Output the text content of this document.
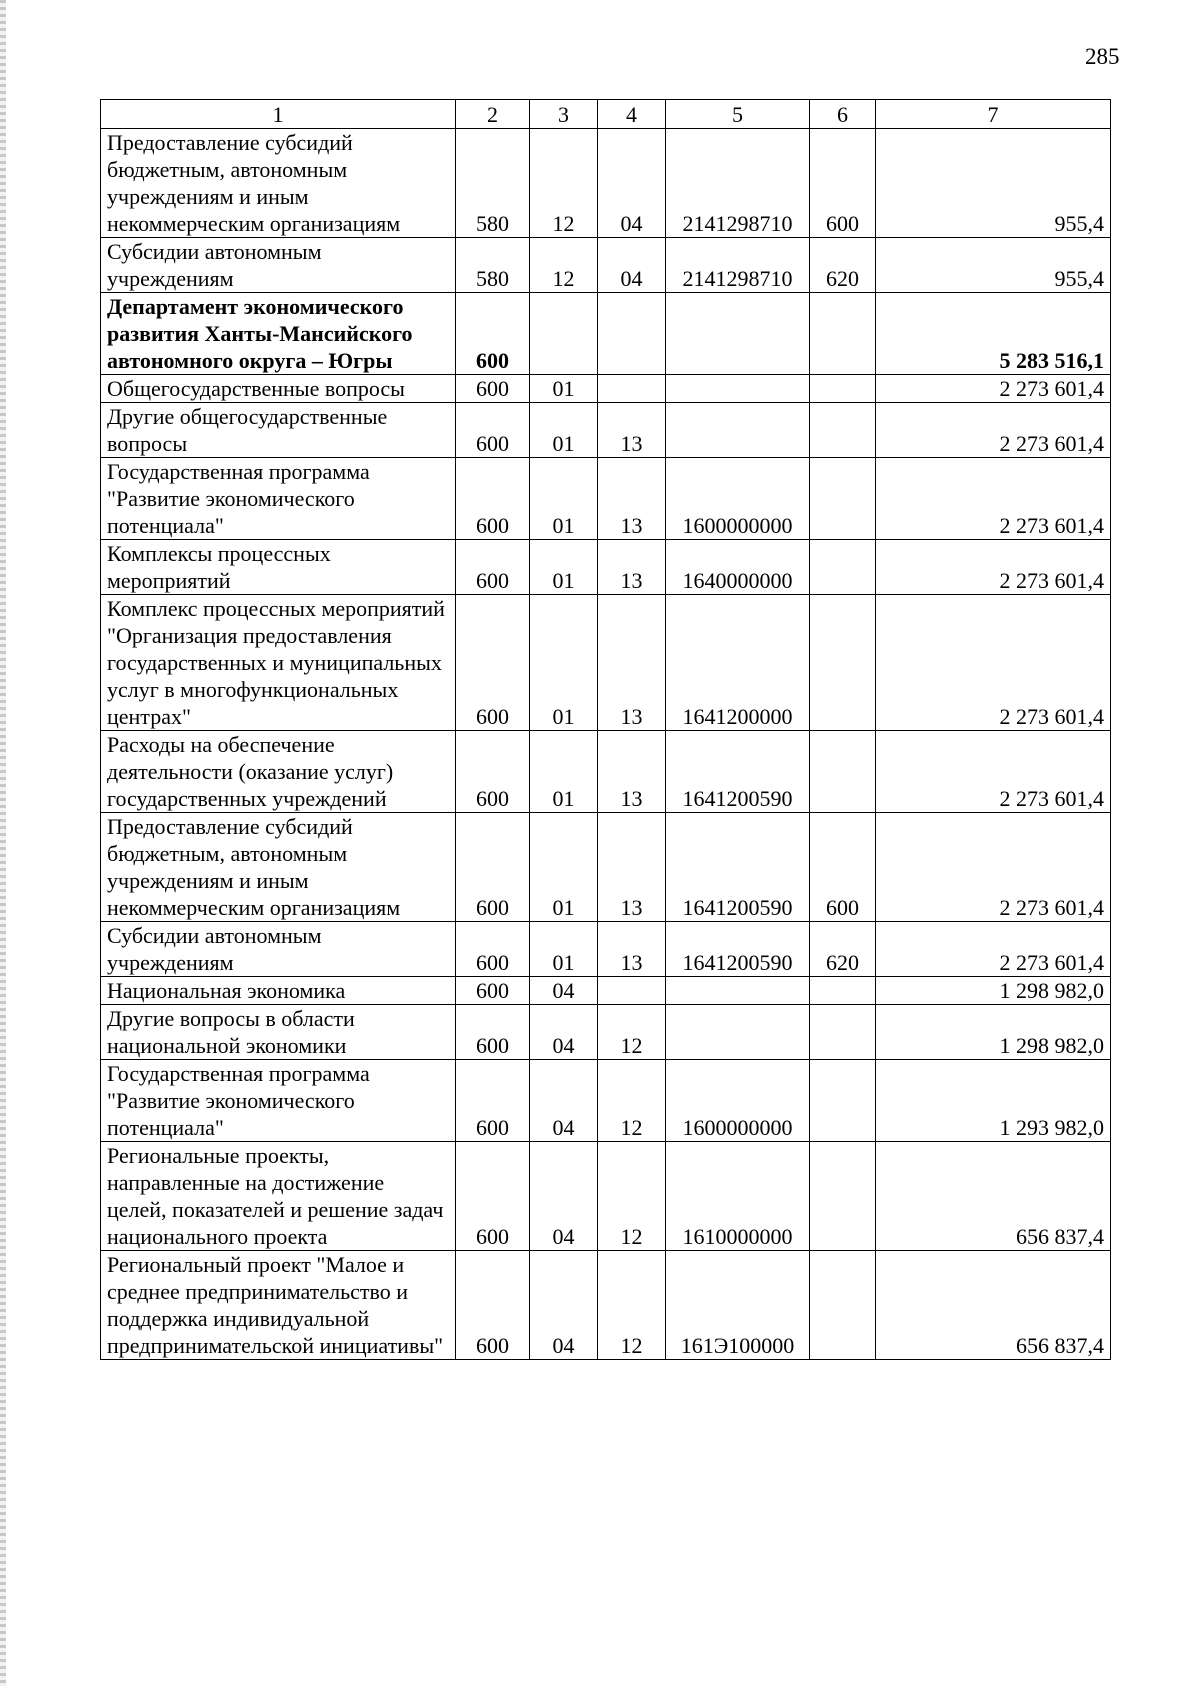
285
1	2	3	4	5	6	7
Предоставление субсидий бюджетным, автономным учреждениям и иным некоммерческим организациям	580	12	04	2141298710	600	955,4
Субсидии автономным учреждениям	580	12	04	2141298710	620	955,4
Департамент экономического развития Ханты-Мансийского автономного округа – Югры	600					5 283 516,1
Общегосударственные вопросы	600	01				2 273 601,4
Другие общегосударственные вопросы	600	01	13			2 273 601,4
Государственная программа "Развитие экономического потенциала"	600	01	13	1600000000		2 273 601,4
Комплексы процессных мероприятий	600	01	13	1640000000		2 273 601,4
Комплекс процессных мероприятий "Организация предоставления государственных и муниципальных услуг в многофункциональных центрах"	600	01	13	1641200000		2 273 601,4
Расходы на обеспечение деятельности (оказание услуг) государственных учреждений	600	01	13	1641200590		2 273 601,4
Предоставление субсидий бюджетным, автономным учреждениям и иным некоммерческим организациям	600	01	13	1641200590	600	2 273 601,4
Субсидии автономным учреждениям	600	01	13	1641200590	620	2 273 601,4
Национальная экономика	600	04				1 298 982,0
Другие вопросы в области национальной экономики	600	04	12			1 298 982,0
Государственная программа "Развитие экономического потенциала"	600	04	12	1600000000		1 293 982,0
Региональные проекты, направленные на достижение целей, показателей и решение задач национального проекта	600	04	12	1610000000		656 837,4
Региональный проект "Малое и среднее предпринимательство и поддержка индивидуальной предпринимательской инициативы"	600	04	12	161Э100000		656 837,4
